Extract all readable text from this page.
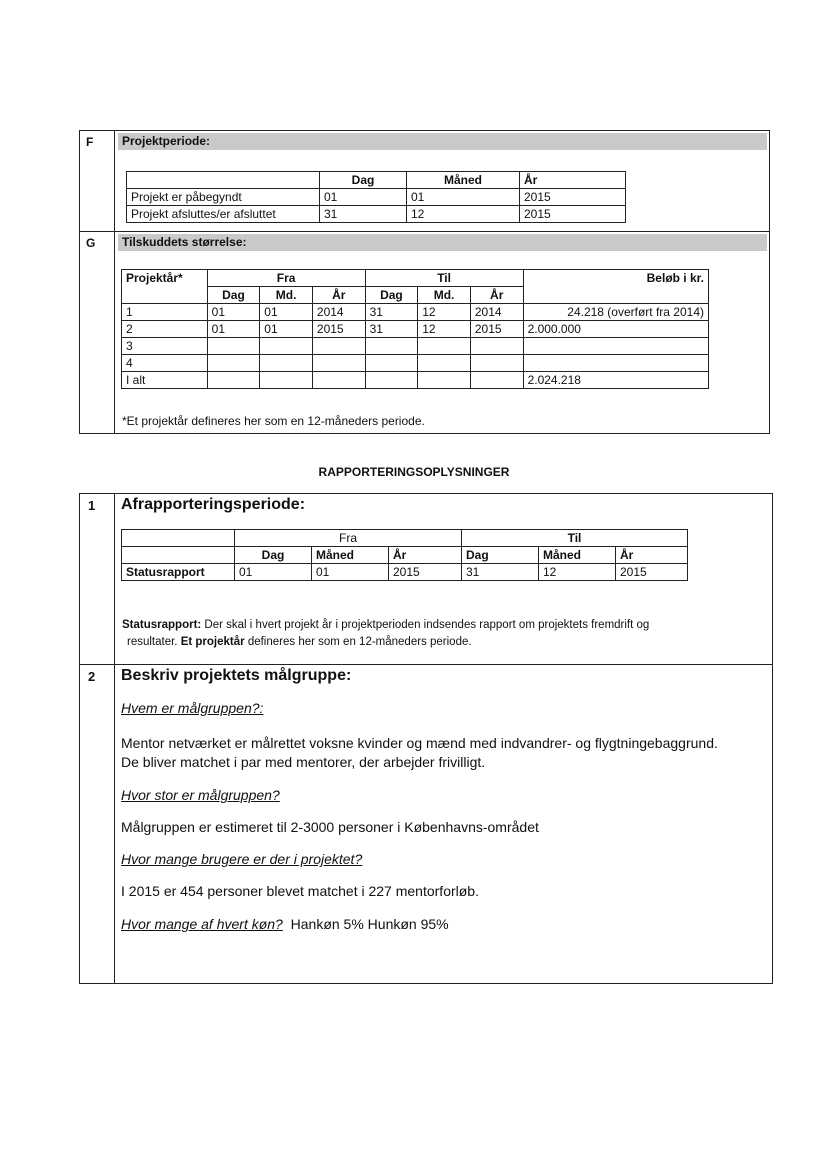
F	Projektperiode:
	Dag	Måned	År
Projekt er påbegyndt	01	01	2015
Projekt afsluttes/er afsluttet	31	12	2015
G	Tilskuddets størrelse:
Projektår*	Fra			Til			Beløb i kr.
	Dag	Md.	År	Dag	Md.	År	
1	01	01	2014	31	12	2014	24.218 (overført fra 2014)
2	01	01	2015	31	12	2015	2.000.000
3							
4							
I alt							2.024.218
*Et projektår defineres her som en 12-måneders periode.
RAPPORTERINGSOPLYSNINGER
1 Afrapporteringsperiode:
	Fra			Til		
	Dag	Måned	År	Dag	Måned	År
Statusrapport	01	01	2015	31	12	2015
Statusrapport: Der skal i hvert projekt år i projektperioden indsendes rapport om projektets fremdrift og
resultater. Et projektår defineres her som en 12-måneders periode.
2 Beskriv projektets målgruppe:
Hvem er målgruppen?:
Mentor netværket er målrettet voksne kvinder og mænd med indvandrer- og flygtningebaggrund.
De bliver matchet i par med mentorer, der arbejder frivilligt.
Hvor stor er målgruppen?
Målgruppen er estimeret til 2-3000 personer i Københavns-området
Hvor mange brugere er der i projektet?
I 2015 er 454 personer blevet matchet i 227 mentorforløb.
Hvor mange af hvert køn? Hankøn 5% Hunkøn 95%
